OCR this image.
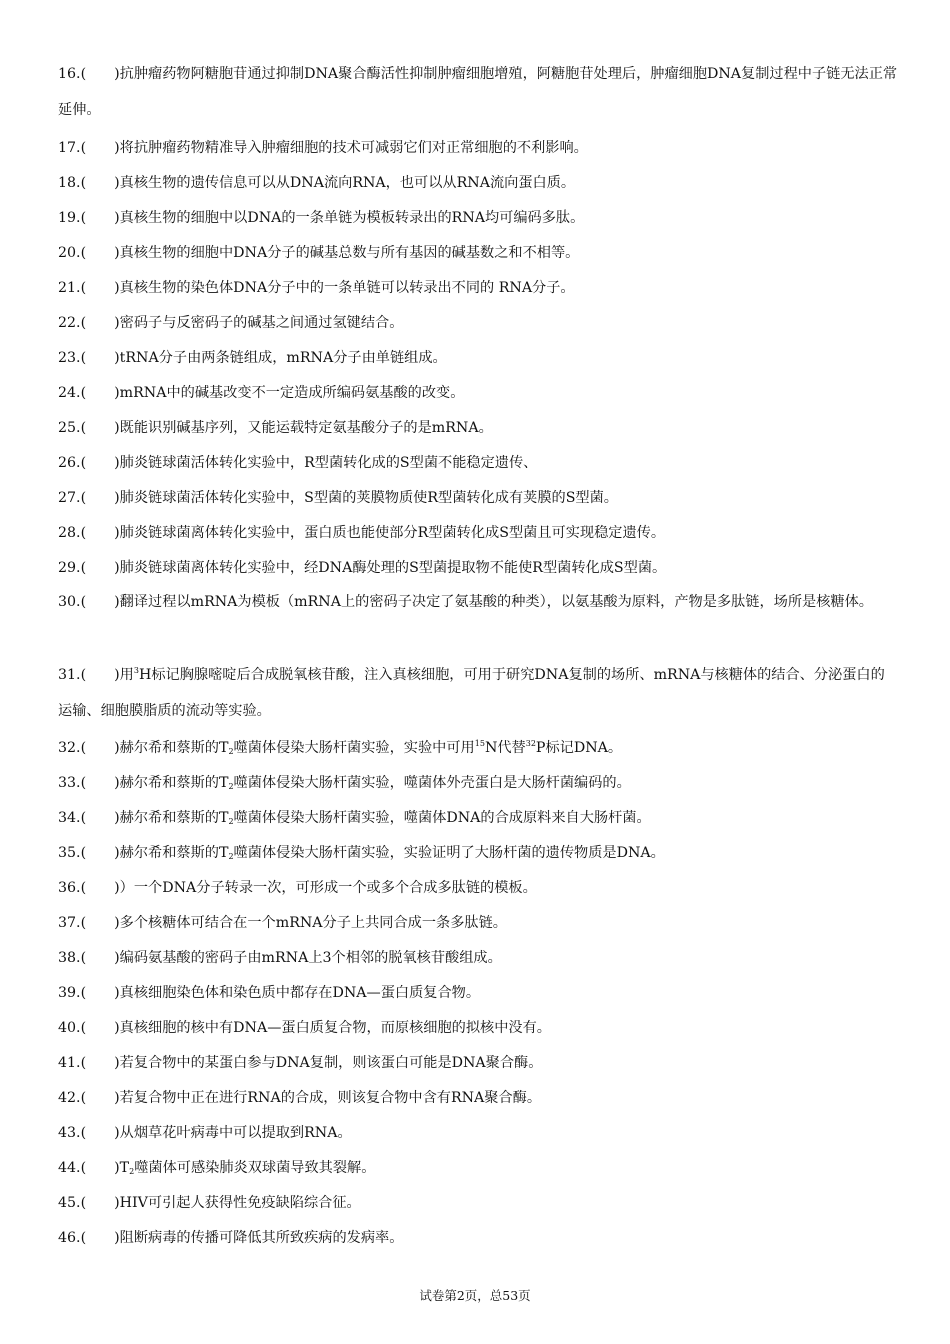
16.( )抗肿瘤药物阿糖胞苷通过抑制DNA聚合酶活性抑制肿瘤细胞增殖，阿糖胞苷处理后，肿瘤细胞DNA复制过程中子链无法正常延伸。
17.( )将抗肿瘤药物精准导入肿瘤细胞的技术可减弱它们对正常细胞的不利影响。
18.( )真核生物的遗传信息可以从DNA流向RNA，也可以从RNA流向蛋白质。
19.( )真核生物的细胞中以DNA的一条单链为模板转录出的RNA均可编码多肽。
20.( )真核生物的细胞中DNA分子的碱基总数与所有基因的碱基数之和不相等。
21.( )真核生物的染色体DNA分子中的一条单链可以转录出不同的 RNA分子。
22.( )密码子与反密码子的碱基之间通过氢键结合。
23.( )tRNA分子由两条链组成，mRNA分子由单链组成。
24.( )mRNA中的碱基改变不一定造成所编码氨基酸的改变。
25.( )既能识别碱基序列，又能运载特定氨基酸分子的是mRNA。
26.( )肺炎链球菌活体转化实验中，R型菌转化成的S型菌不能稳定遗传、
27.( )肺炎链球菌活体转化实验中，S型菌的荚膜物质使R型菌转化成有荚膜的S型菌。
28.( )肺炎链球菌离体转化实验中，蛋白质也能使部分R型菌转化成S型菌且可实现稳定遗传。
29.( )肺炎链球菌离体转化实验中，经DNA酶处理的S型菌提取物不能使R型菌转化成S型菌。
30.( )翻译过程以mRNA为模板（mRNA上的密码子决定了氨基酸的种类），以氨基酸为原料，产物是多肽链，场所是核糖体。
31.( )用$^3$H标记胸腺嘧啶后合成脱氧核苷酸，注入真核细胞，可用于研究DNA复制的场所、mRNA与核糖体的结合、分泌蛋白的运输、细胞膜脂质的流动等实验。
32.( )赫尔希和蔡斯的$T_2$噬菌体侵染大肠杆菌实验，实验中可用$^{15}$N代替$^{32}$P标记DNA。
33.( )赫尔希和蔡斯的$T_2$噬菌体侵染大肠杆菌实验，噬菌体外壳蛋白是大肠杆菌编码的。
34.( )赫尔希和蔡斯的$T_2$噬菌体侵染大肠杆菌实验，噬菌体DNA的合成原料来自大肠杆菌。
35.( )赫尔希和蔡斯的$T_2$噬菌体侵染大肠杆菌实验，实验证明了大肠杆菌的遗传物质是DNA。
36.( )）一个DNA分子转录一次，可形成一个或多个合成多肽链的模板。
37.( )多个核糖体可结合在一个mRNA分子上共同合成一条多肽链。
38.( )编码氨基酸的密码子由mRNA上3个相邻的脱氧核苷酸组成。
39.( )真核细胞染色体和染色质中都存在DNA—蛋白质复合物。
40.( )真核细胞的核中有DNA—蛋白质复合物，而原核细胞的拟核中没有。
41.( )若复合物中的某蛋白参与DNA复制，则该蛋白可能是DNA聚合酶。
42.( )若复合物中正在进行RNA的合成，则该复合物中含有RNA聚合酶。
43.( )从烟草花叶病毒中可以提取到RNA。
44.( )$T_2$噬菌体可感染肺炎双球菌导致其裂解。
45.( )HIV可引起人获得性免疫缺陷综合征。
46.( )阻断病毒的传播可降低其所致疾病的发病率。
试卷第2页，总53页
